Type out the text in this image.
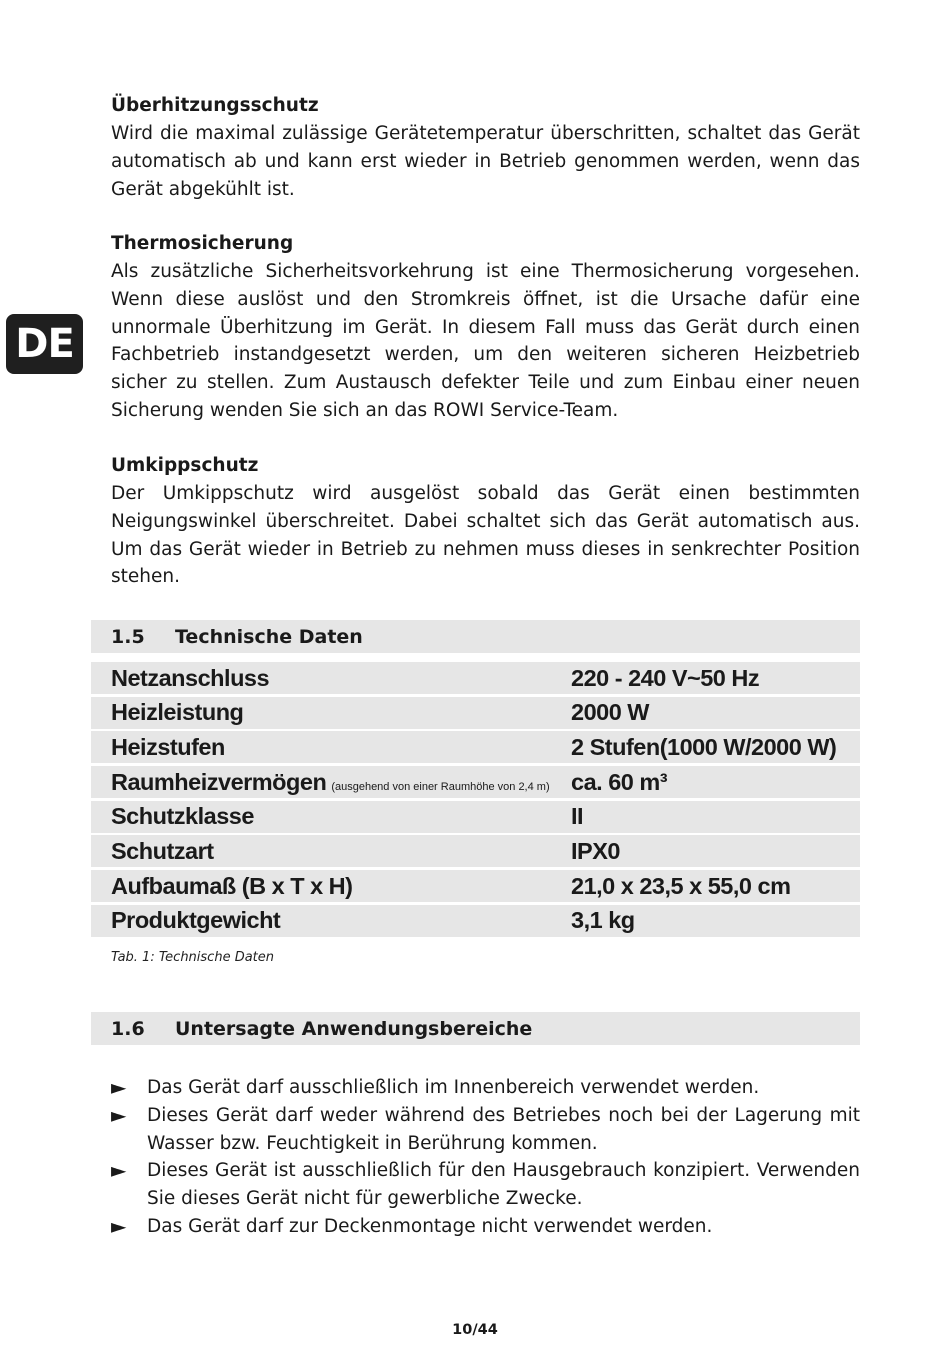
DE

Überhitzungsschutz

Wird die maximal zulässige Gerätetemperatur überschritten, schaltet das Gerät automatisch ab und kann erst wieder in Betrieb genommen werden, wenn das Gerät abgekühlt ist.

Thermosicherung

Als zusätzliche Sicherheitsvorkehrung ist eine Thermosicherung vorgesehen. Wenn diese auslöst und den Stromkreis öffnet, ist die Ursache dafür eine unnormale Überhitzung im Gerät. In diesem Fall muss das Gerät durch einen Fachbetrieb instandgesetzt werden, um den weiteren sicheren Heizbetrieb sicher zu stellen. Zum Austausch defekter Teile und zum Einbau einer neuen Sicherung wenden Sie sich an das ROWI Service-Team.

Umkippschutz

Der Umkippschutz wird ausgelöst sobald das Gerät einen bestimmten Neigungswinkel überschreitet. Dabei schaltet sich das Gerät automatisch aus. Um das Gerät wieder in Betrieb zu nehmen muss dieses in senkrechter Position stehen.

1.5	Technische Daten
Netzanschluss	220 - 240 V~50 Hz
Heizleistung	2000 W
Heizstufen	2 Stufen(1000 W/2000 W)
Raumheizvermögen (ausgehend von einer Raumhöhe von 2,4 m) ca. 60 m³
Schutzklasse	II
Schutzart	IPX0
Aufbaumaß (B x T x H)	21,0 x 23,5 x 55,0 cm
Produktgewicht	3,1 kg
Tab. 1: Technische Daten
1.6	Untersagte Anwendungsbereiche
►	Das Gerät darf ausschließlich im Innenbereich verwendet werden.
►	Dieses Gerät darf weder während des Betriebes noch bei der Lagerung mit Wasser bzw. Feuchtigkeit in Berührung kommen.
►	Dieses Gerät ist ausschließlich für den Hausgebrauch konzipiert. Verwenden Sie dieses Gerät nicht für gewerbliche Zwecke.
►	Das Gerät darf zur Deckenmontage nicht verwendet werden.
10/44
